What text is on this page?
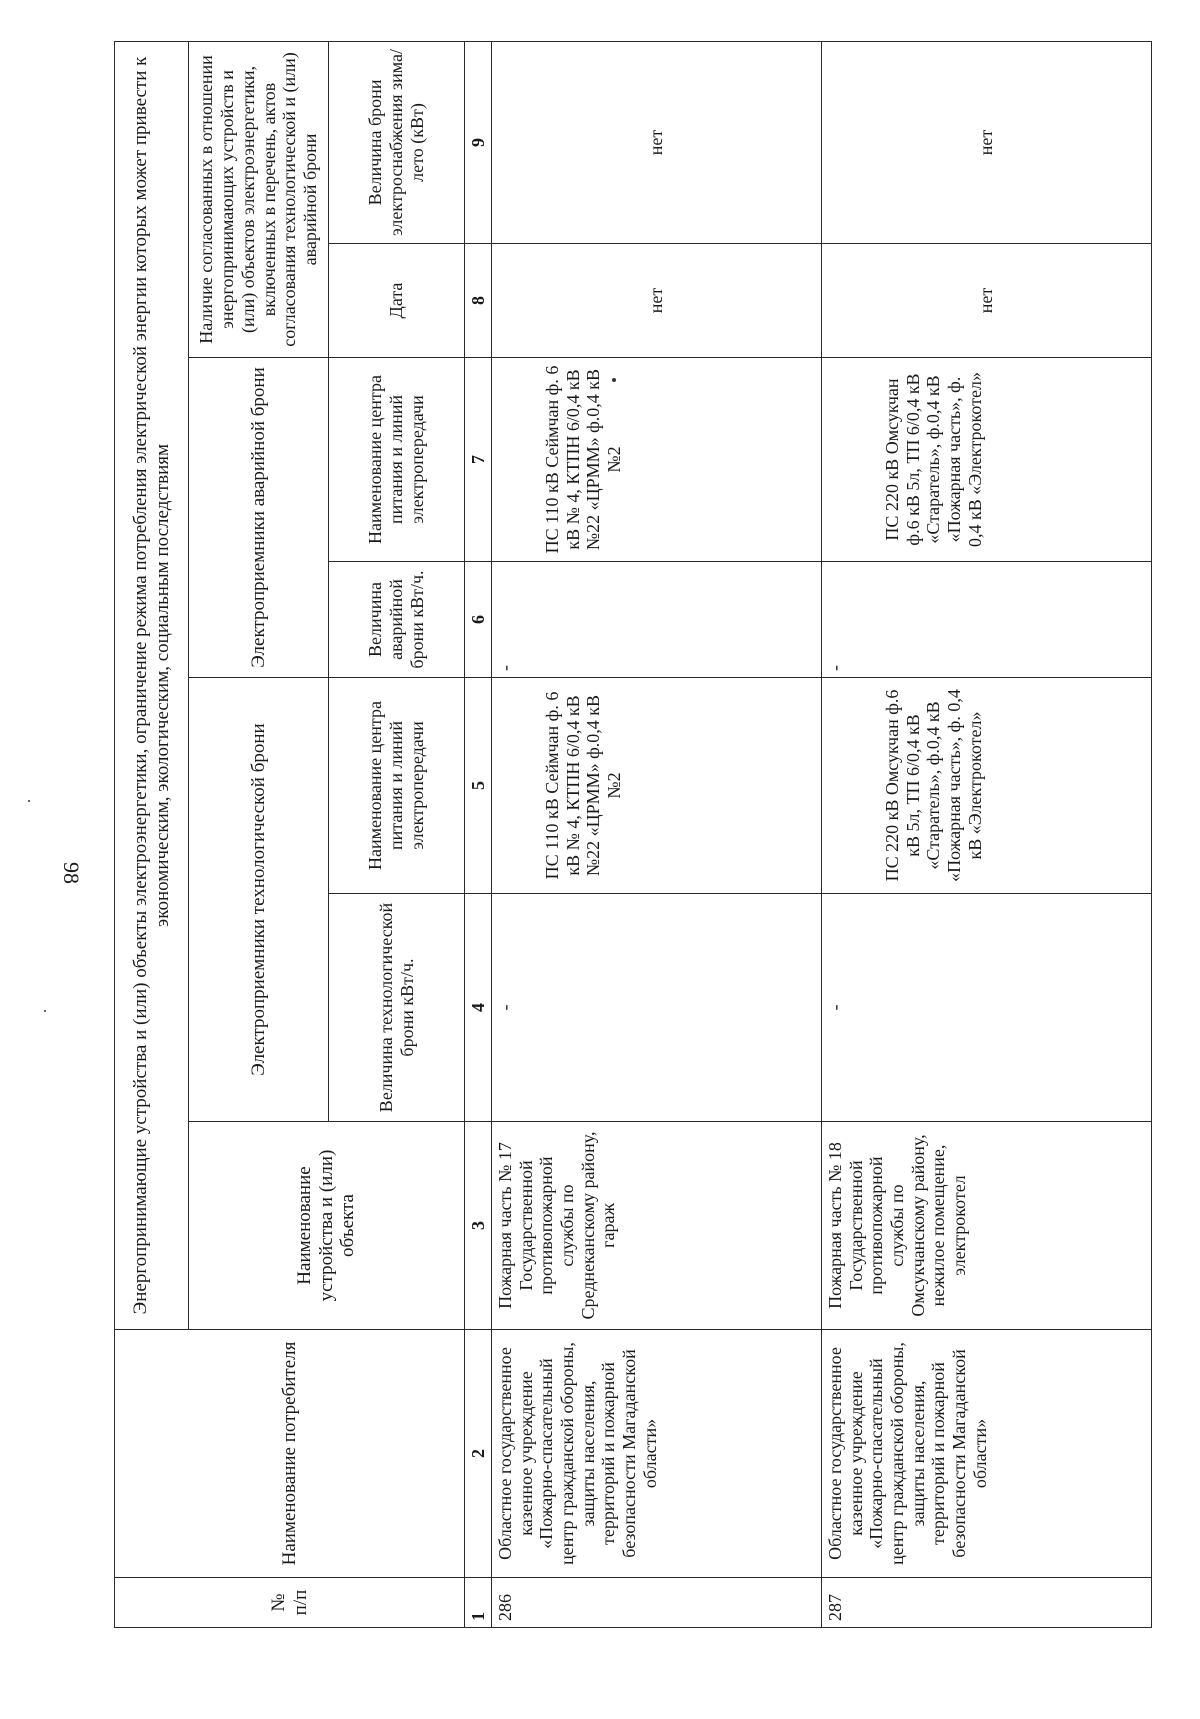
98
№ п/п	Наименование потребителя	Энергопринимающие устройства и (или) объекты электроэнергетики, ограничение режима потребления электрической энергии которых может привести к экономическим, экологическим, социальным последствиям						
		Наименование устройства и (или) объекта	Электроприемники технологической брони		Электроприемники аварийной брони		Наличие согласованных в отношении энергопринимающих устройств и (или) объектов электроэнергетики, включенных в перечень, актов согласования технологической и (или) аварийной брони	
			Величина технологической брони кВт/ч.	Наименование центра питания и линий электропередачи	Величина аварийной брони кВт/ч.	Наименование центра питания и линий электропередачи	Дата	Величина брони электроснабжения зима/лето (кВт)
1	2	3	4	5	6	7	8	9
286	Областное государственное казенное учреждение «Пожарно-спасательный центр гражданской обороны, защиты населения, территорий и пожарной безопасности Магаданской области»	Пожарная часть № 17 Государственной противопожарной службы по Среднеканскому району, гараж	-	ПС 110 кВ Сеймчан ф. 6 кВ № 4, КТПН 6/0,4 кВ №22 «ЦРММ» ф.0,4 кВ №2	-	ПС 110 кВ Сеймчан ф. 6 кВ № 4, КТПН 6/0,4 кВ №22 «ЦРММ» ф.0,4 кВ №2	нет	нет
287	Областное государственное казенное учреждение «Пожарно-спасательный центр гражданской обороны, защиты населения, территорий и пожарной безопасности Магаданской области»	Пожарная часть № 18 Государственной противопожарной службы по Омсукчанскому району, нежилое помещение, электрокотел	-	ПС 220 кВ Омсукчан ф.6 кВ 5л, ТП 6/0,4 кВ «Старатель», ф.0,4 кВ «Пожарная часть», ф. 0,4 кВ «Электрокотел»	-	ПС 220 кВ Омсукчан ф.6 кВ 5л, ТП 6/0,4 кВ «Старатель», ф.0,4 кВ «Пожарная часть», ф. 0,4 кВ «Электрокотел»	нет	нет
